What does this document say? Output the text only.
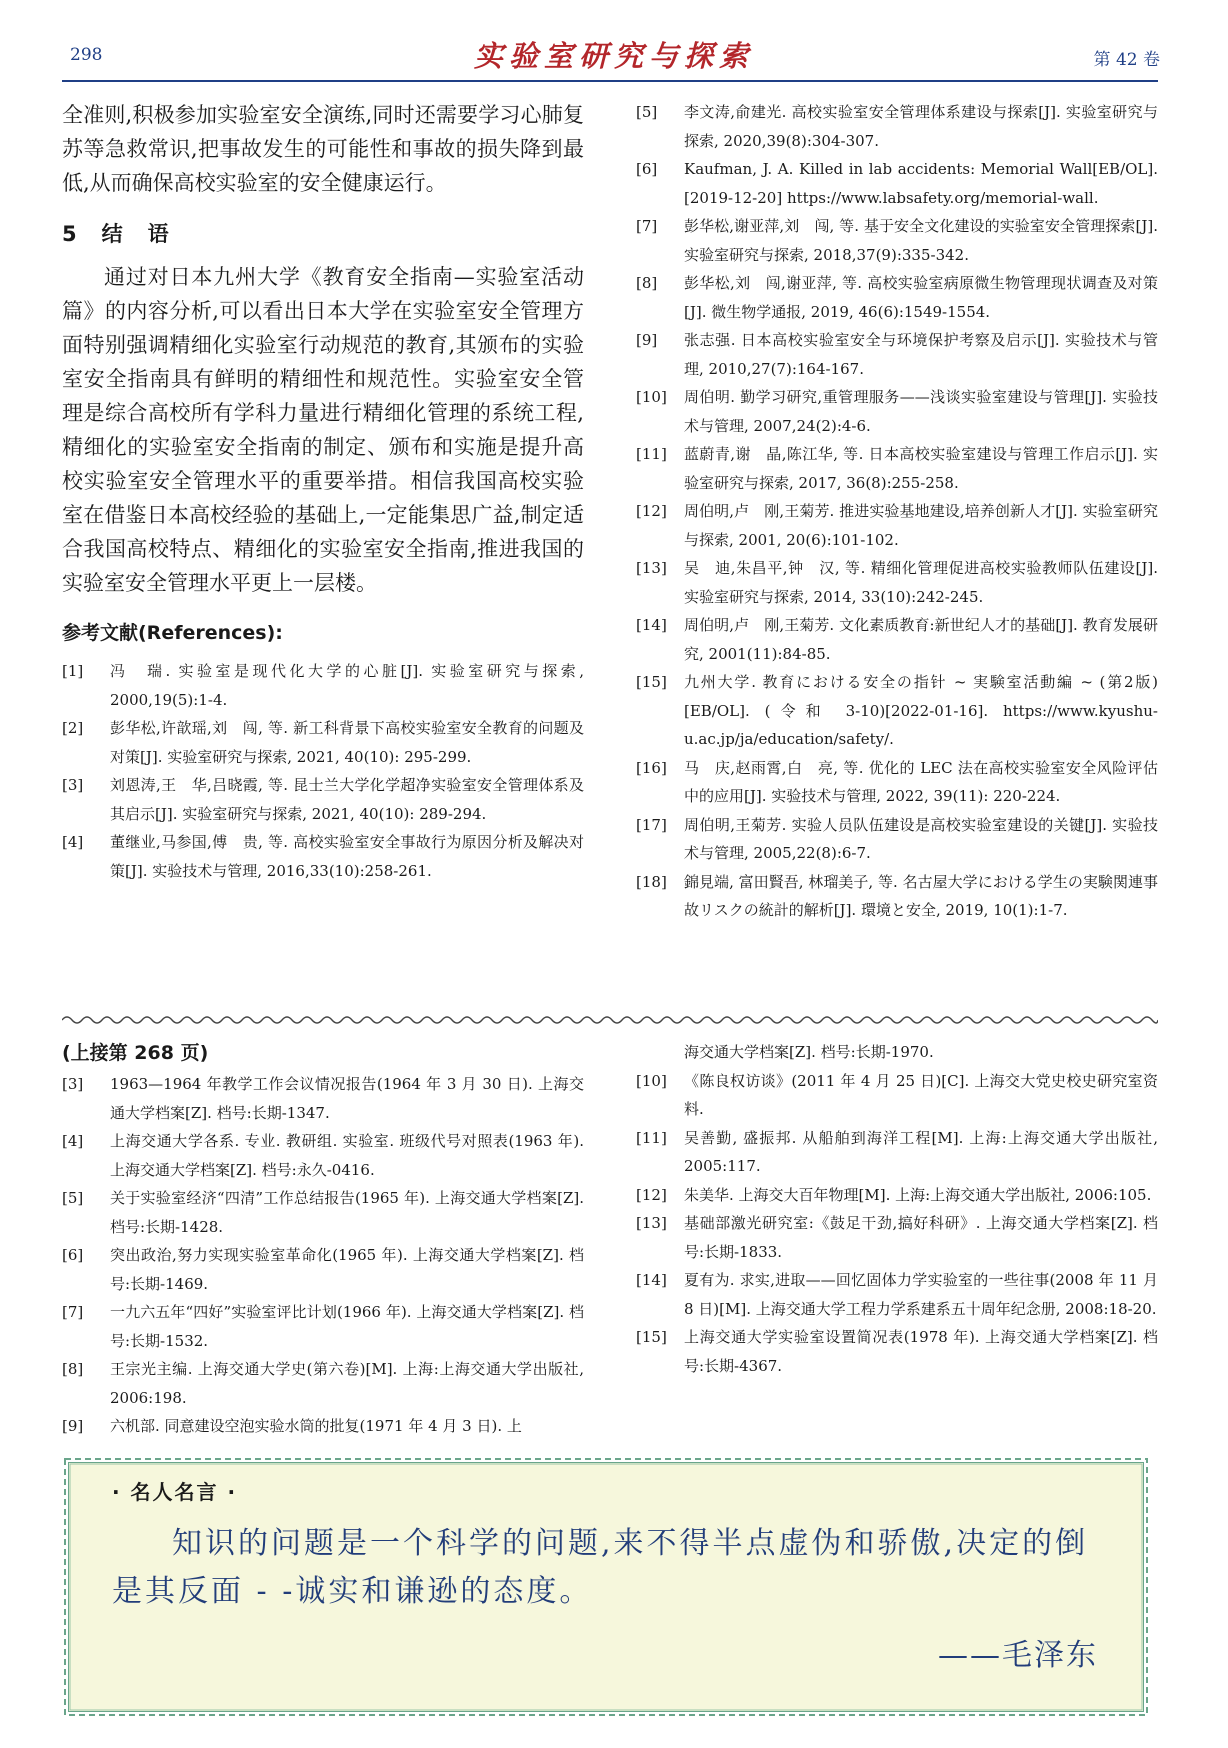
298	实验室研究与探索	第 42 卷

全准则,积极参加实验室安全演练,同时还需要学习心肺复苏等急救常识,把事故发生的可能性和事故的损失降到最低,从而确保高校实验室的安全健康运行。

5　结　语

通过对日本九州大学《教育安全指南—实验室活动篇》的内容分析,可以看出日本大学在实验室安全管理方面特别强调精细化实验室行动规范的教育,其颁布的实验室安全指南具有鲜明的精细性和规范性。实验室安全管理是综合高校所有学科力量进行精细化管理的系统工程,精细化的实验室安全指南的制定、颁布和实施是提升高校实验室安全管理水平的重要举措。相信我国高校实验室在借鉴日本高校经验的基础上,一定能集思广益,制定适合我国高校特点、精细化的实验室安全指南,推进我国的实验室安全管理水平更上一层楼。

参考文献(References):
[1]	冯　瑞. 实验室是现代化大学的心脏[J]. 实验室研究与探索, 2000,19(5):1-4.
[2]	彭华松,许歆瑶,刘　闯, 等. 新工科背景下高校实验室安全教育的问题及对策[J]. 实验室研究与探索, 2021, 40(10): 295-299.
[3]	刘恩涛,王　华,吕晓霞, 等. 昆士兰大学化学超净实验室安全管理体系及其启示[J]. 实验室研究与探索, 2021, 40(10): 289-294.
[4]	董继业,马参国,傅　贵, 等. 高校实验室安全事故行为原因分析及解决对策[J]. 实验技术与管理, 2016,33(10):258-261.
[5]	李文涛,俞建光. 高校实验室安全管理体系建设与探索[J]. 实验室研究与探索, 2020,39(8):304-307.
[6]	Kaufman, J. A. Killed in lab accidents: Memorial Wall[EB/OL]. [2019-12-20] https://www.labsafety.org/memorial-wall.
[7]	彭华松,谢亚萍,刘　闯, 等. 基于安全文化建设的实验室安全管理探索[J]. 实验室研究与探索, 2018,37(9):335-342.
[8]	彭华松,刘　闯,谢亚萍, 等. 高校实验室病原微生物管理现状调查及对策[J]. 微生物学通报, 2019, 46(6):1549-1554.
[9]	张志强. 日本高校实验室安全与环境保护考察及启示[J]. 实验技术与管理, 2010,27(7):164-167.
[10]	周伯明. 勤学习研究,重管理服务——浅谈实验室建设与管理[J]. 实验技术与管理, 2007,24(2):4-6.
[11]	蓝蔚青,谢　晶,陈江华, 等. 日本高校实验室建设与管理工作启示[J]. 实验室研究与探索, 2017, 36(8):255-258.
[12]	周伯明,卢　刚,王菊芳. 推进实验基地建设,培养创新人才[J]. 实验室研究与探索, 2001, 20(6):101-102.
[13]	吴　迪,朱昌平,钟　汉, 等. 精细化管理促进高校实验教师队伍建设[J]. 实验室研究与探索, 2014, 33(10):242-245.
[14]	周伯明,卢　刚,王菊芳. 文化素质教育:新世纪人才的基础[J]. 教育发展研究, 2001(11):84-85.
[15]	九州大学. 教育における安全の指针 ~ 実験室活動編 ~ (第2版)[EB/OL]. (令和 3-10)[2022-01-16]. https://www.kyushu-u.ac.jp/ja/education/safety/.
[16]	马　庆,赵雨霄,白　亮, 等. 优化的 LEC 法在高校实验室安全风险评估中的应用[J]. 实验技术与管理, 2022, 39(11): 220-224.
[17]	周伯明,王菊芳. 实验人员队伍建设是高校实验室建设的关键[J]. 实验技术与管理, 2005,22(8):6-7.
[18]	錦見端, 富田賢吾, 林瑠美子, 等. 名古屋大学における学生の実験関連事故リスクの統計的解析[J]. 環境と安全, 2019, 10(1):1-7.
(上接第 268 页)
[3]	1963—1964 年教学工作会议情况报告(1964 年 3 月 30 日). 上海交通大学档案[Z]. 档号:长期-1347.
[4]	上海交通大学各系. 专业. 教研组. 实验室. 班级代号对照表(1963 年). 上海交通大学档案[Z]. 档号:永久-0416.
[5]	关于实验室经济“四清”工作总结报告(1965 年). 上海交通大学档案[Z]. 档号:长期-1428.
[6]	突出政治,努力实现实验室革命化(1965 年). 上海交通大学档案[Z]. 档号:长期-1469.
[7]	一九六五年“四好”实验室评比计划(1966 年). 上海交通大学档案[Z]. 档号:长期-1532.
[8]	王宗光主编. 上海交通大学史(第六卷)[M]. 上海:上海交通大学出版社, 2006:198.
[9]	六机部. 同意建设空泡实验水筒的批复(1971 年 4 月 3 日). 上
海交通大学档案[Z]. 档号:长期-1970.
[10]	《陈良权访谈》(2011 年 4 月 25 日)[C]. 上海交大党史校史研究室资料.
[11]	吴善勤, 盛振邦. 从船舶到海洋工程[M]. 上海:上海交通大学出版社, 2005:117.
[12]	朱美华. 上海交大百年物理[M]. 上海:上海交通大学出版社, 2006:105.
[13]	基础部激光研究室:《鼓足干劲,搞好科研》. 上海交通大学档案[Z]. 档号:长期-1833.
[14]	夏有为. 求实,进取——回忆固体力学实验室的一些往事(2008 年 11 月 8 日)[M]. 上海交通大学工程力学系建系五十周年纪念册, 2008:18-20.
[15]	上海交通大学实验室设置简况表(1978 年). 上海交通大学档案[Z]. 档号:长期-4367.
· 名人名言 ·
知识的问题是一个科学的问题,来不得半点虚伪和骄傲,决定的倒是其反面 - -诚实和谦逊的态度。
——毛泽东
